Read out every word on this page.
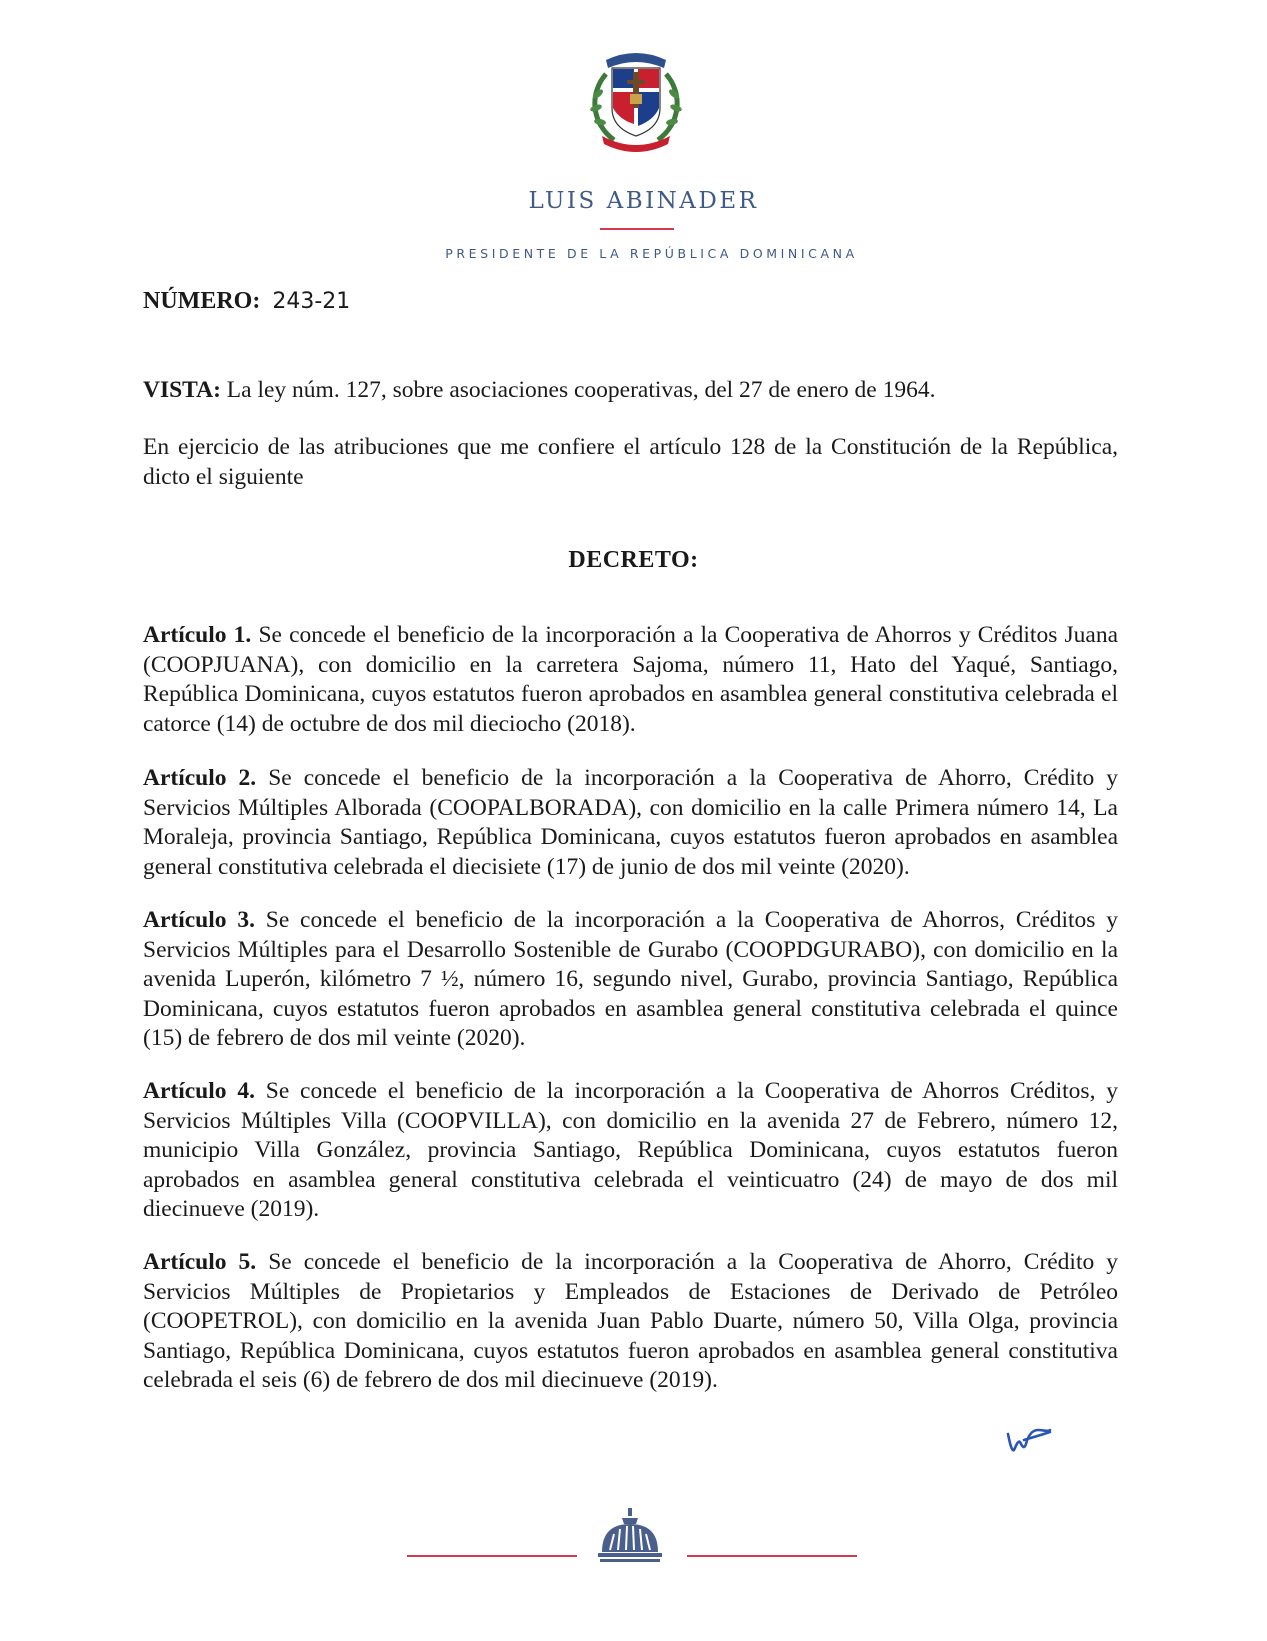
LUIS ABINADER
PRESIDENTE DE LA REPÚBLICA DOMINICANA
NÚMERO: 243-21
VISTA: La ley núm. 127, sobre asociaciones cooperativas, del 27 de enero de 1964.
En ejercicio de las atribuciones que me confiere el artículo 128 de la Constitución de la República, dicto el siguiente
DECRETO:
Artículo 1. Se concede el beneficio de la incorporación a la Cooperativa de Ahorros y Créditos Juana (COOPJUANA), con domicilio en la carretera Sajoma, número 11, Hato del Yaqué, Santiago, República Dominicana, cuyos estatutos fueron aprobados en asamblea general constitutiva celebrada el catorce (14) de octubre de dos mil dieciocho (2018).
Artículo 2. Se concede el beneficio de la incorporación a la Cooperativa de Ahorro, Crédito y Servicios Múltiples Alborada (COOPALBORADA), con domicilio en la calle Primera número 14, La Moraleja, provincia Santiago, República Dominicana, cuyos estatutos fueron aprobados en asamblea general constitutiva celebrada el diecisiete (17) de junio de dos mil veinte (2020).
Artículo 3. Se concede el beneficio de la incorporación a la Cooperativa de Ahorros, Créditos y Servicios Múltiples para el Desarrollo Sostenible de Gurabo (COOPDGURABO), con domicilio en la avenida Luperón, kilómetro 7 ½, número 16, segundo nivel, Gurabo, provincia Santiago, República Dominicana, cuyos estatutos fueron aprobados en asamblea general constitutiva celebrada el quince (15) de febrero de dos mil veinte (2020).
Artículo 4. Se concede el beneficio de la incorporación a la Cooperativa de Ahorros Créditos, y Servicios Múltiples Villa (COOPVILLA), con domicilio en la avenida 27 de Febrero, número 12, municipio Villa González, provincia Santiago, República Dominicana, cuyos estatutos fueron aprobados en asamblea general constitutiva celebrada el veinticuatro (24) de mayo de dos mil diecinueve (2019).
Artículo 5. Se concede el beneficio de la incorporación a la Cooperativa de Ahorro, Crédito y Servicios Múltiples de Propietarios y Empleados de Estaciones de Derivado de Petróleo (COOPETROL), con domicilio en la avenida Juan Pablo Duarte, número 50, Villa Olga, provincia Santiago, República Dominicana, cuyos estatutos fueron aprobados en asamblea general constitutiva celebrada el seis (6) de febrero de dos mil diecinueve (2019).
